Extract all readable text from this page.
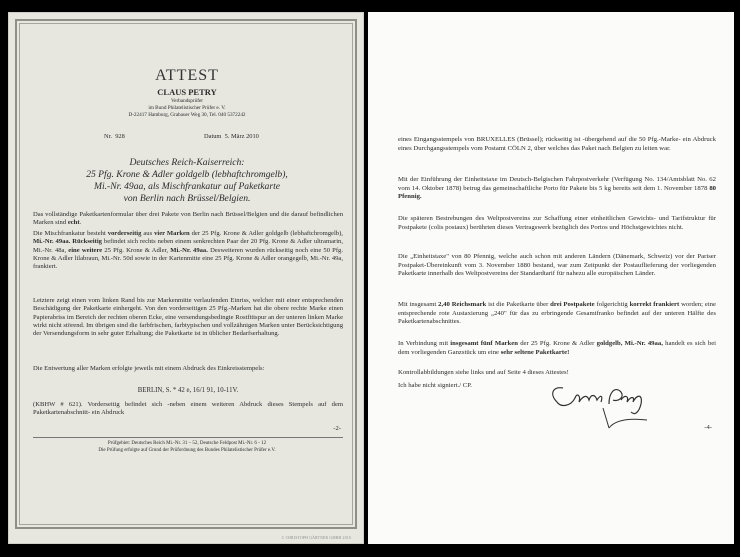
ATTEST
CLAUS PETRY
Verbandsprüfer
im Bund Philatelistischer Prüfer e. V.
D-22417 Hamburg, Grabauer Weg 30, Tel. 040 5372242
Nr. 928	Datum 5. März 2010
Deutsches Reich-Kaiserreich:
25 Pfg. Krone & Adler goldgelb (lebhaftchromgelb),
Mi.-Nr. 49aa, als Mischfrankatur auf Paketkarte
von Berlin nach Brüssel/Belgien.
Das vollständige Paketkartenformular über drei Pakete von Berlin nach Brüssel/Belgien und die darauf befindlichen Marken sind echt.
Die Mischfrankatur besteht vorderseitig aus vier Marken der 25 Pfg. Krone & Adler goldgelb (lebhaftchromgelb), Mi.-Nr. 49aa. Rückseitig befindet sich rechts neben einem senkrechten Paar der 20 Pfg. Krone & Adler ultramarin, Mi.-Nr. 48a, eine weitere 25 Pfg. Krone & Adler, Mi.-Nr. 49aa. Desweiteren wurden rückseitig noch eine 50 Pfg. Krone & Adler lilabraun, Mi.-Nr. 50d sowie in der Kartenmitte eine 25 Pfg. Krone & Adler orangegelb, Mi.-Nr. 49a, frankiert.
Letztere zeigt einen vom linken Rand bis zur Markenmitte verlaufenden Einriss, welcher mit einer entsprechenden Beschädigung der Paketkarte einhergeht. Von den vorderseitigen 25 Pfg.-Marken hat die obere rechte Marke einen Papierabriss im Bereich der rechten oberen Ecke, eine versendungsbedingte Rostfittspur an der unteren linken Marke wirkt nicht störend. Im übrigen sind die farbfrischen, farbtypischen und vollzähnigen Marken unter Berücksichtigung der Versendungsform in sehr guter Erhaltung; die Paketkarte ist in üblicher Bedarfserhaltung.
Die Entwertung aller Marken erfolgte jeweils mit einem Abdruck des Einkreisstempels:
BERLIN, S. * 42 e, 16/1 91, 10-11V.
(KBHW # 621). Vorderseitig befindet sich -neben einem weiteren Abdruck dieses Stempels auf dem Paketkartenabschnitt- ein Abdruck
-2-
Prüfgebiet: Deutsches Reich Mi.-Nr. 31 – 52, Deutsche Feldpost Mi.-Nr. 6 - 12
Die Prüfung erfolgte auf Grund der Prüfordnung des Bundes Philatelistischer Prüfer e.V.
© CHRISTOPH GÄRTNER GMBH 2010
eines Eingangsstempels von BRUXELLES (Brüssel); rückseitig ist -übergehend auf die 50 Pfg.-Marke- ein Abdruck eines Durchgangsstempels vom Postamt CÖLN 2, über welches das Paket nach Belgien zu leiten war.
Mit der Einführung der Einheitstaxe im Deutsch-Belgischen Fahrpostverkehr (Verfügung No. 134/Amtsblatt No. 62 vom 14. Oktober 1878) betrug das gemeinschaftliche Porto für Pakete bis 5 kg bereits seit dem 1. November 1878 80 Pfennig.
Die späteren Bestrebungen des Weltpostvereins zur Schaffung einer einheitlichen Gewichts- und Tarifstruktur für Postpakete (colis postaux) berührten dieses Vertragswerk bezüglich des Portos und Höchstgewichtes nicht.
Die „Einheitstaxe" von 80 Pfennig, welche auch schon mit anderen Ländern (Dänemark, Schweiz) vor der Pariser Postpaket-Übereinkunft vom 3. November 1880 bestand, war zum Zeitpunkt der Postauflieferung der vorliegenden Paketkarte innerhalb des Weltpostvereins der Standardtarif für nahezu alle europäischen Länder.
Mit insgesamt 2,40 Reichsmark ist die Paketkarte über drei Postpakete folgerichtig korrekt frankiert worden; eine entsprechende rote Austaxierung „240" für das zu erbringende Gesamtfranko befindet auf der unteren Hälfte des Paketkartenabschnittes.
In Verbindung mit insgesamt fünf Marken der 25 Pfg. Krone & Adler goldgelb, Mi.-Nr. 49aa, handelt es sich bei dem vorliegenden Ganzstück um eine sehr seltene Paketkarte!
Kontrollabbildungen siehe links und auf Seite 4 dieses Attestes!
Ich habe nicht signiert./ CP.
-4-
